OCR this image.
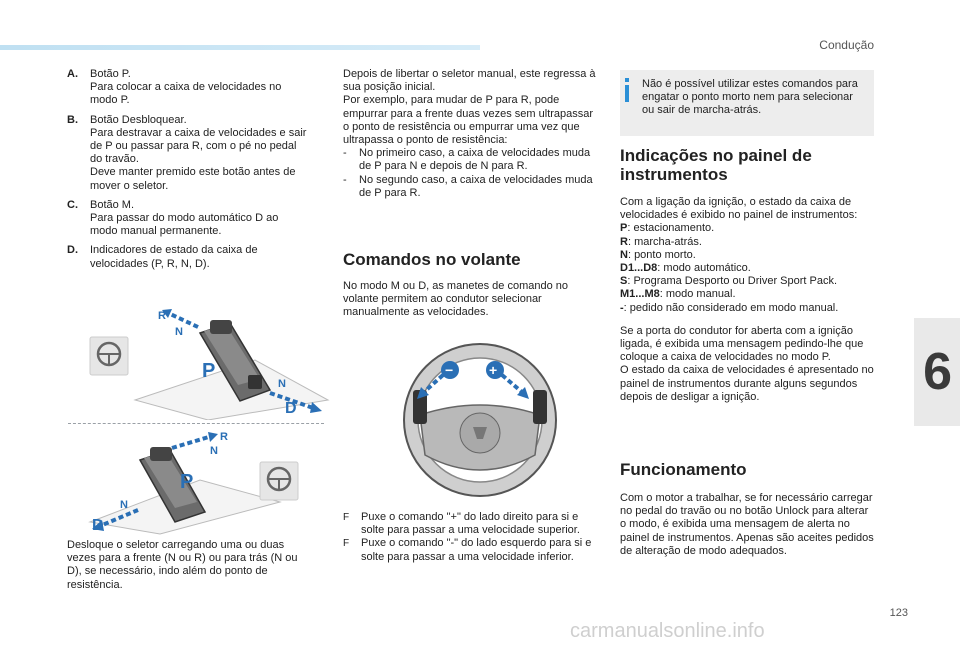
Condução
6
123
carmanualsonline.info
A. Botão P.

Para colocar a caixa de velocidades no modo P.

B. Botão Desbloquear.

Para destravar a caixa de velocidades e sair de P ou passar para R, com o pé no pedal do travão.

Deve manter premido este botão antes de mover o seletor.

C. Botão M.

Para passar do modo automático D ao modo manual permanente.

D. Indicadores de estado da caixa de velocidades (P, R, N, D).

R
N
P
N
D
R
N
P
N
D

Desloque o seletor carregando uma ou duas vezes para a frente (N ou R) ou para trás (N ou D), se necessário, indo além do ponto de resistência.

Depois de libertar o seletor manual, este regressa à sua posição inicial.

Por exemplo, para mudar de P para R, pode empurrar para a frente duas vezes sem ultrapassar o ponto de resistência ou empurrar uma vez que ultrapassa o ponto de resistência:

- No primeiro caso, a caixa de velocidades muda de P para N e depois de N para R.

- No segundo caso, a caixa de velocidades muda de P para R.

Comandos no volante

No modo M ou D, as manetes de comando no volante permitem ao condutor selecionar manualmente as velocidades.

−	+
F Puxe o comando "+" do lado direito para si e solte para passar a uma velocidade superior.

F Puxe o comando "-" do lado esquerdo para si e solte para passar a uma velocidade inferior.

Não é possível utilizar estes comandos para engatar o ponto morto nem para selecionar ou sair de marcha-atrás.
Indicações no painel de instrumentos

Com a ligação da ignição, o estado da caixa de velocidades é exibido no painel de instrumentos:

P: estacionamento.

R: marcha-atrás.

N: ponto morto.

D1...D8: modo automático.

S: Programa Desporto ou Driver Sport Pack.

M1...M8: modo manual.

-: pedido não considerado em modo manual.

Se a porta do condutor for aberta com a ignição ligada, é exibida uma mensagem pedindo-lhe que coloque a caixa de velocidades no modo P.

O estado da caixa de velocidades é apresentado no painel de instrumentos durante alguns segundos depois de desligar a ignição.

Funcionamento

Com o motor a trabalhar, se for necessário carregar no pedal do travão ou no botão Unlock para alterar o modo, é exibida uma mensagem de alerta no painel de instrumentos. Apenas são aceites pedidos de alteração de modo adequados.
